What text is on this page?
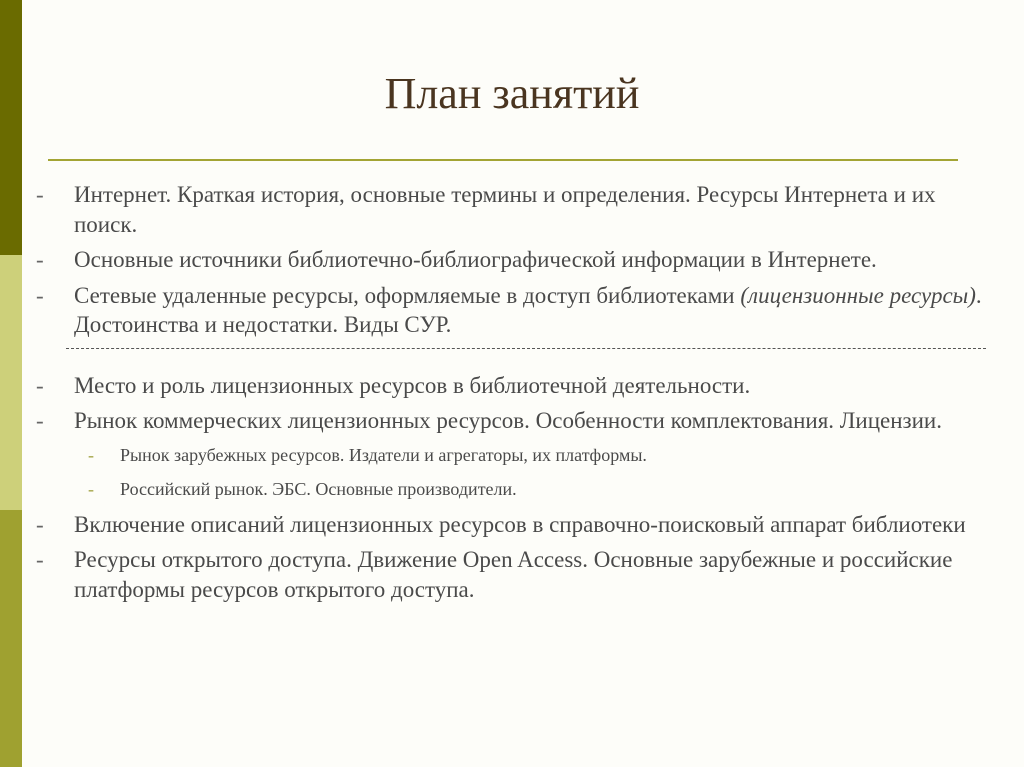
План занятий
- Интернет. Краткая история, основные термины и определения. Ресурсы Интернета и их поиск.
- Основные источники библиотечно-библиографической информации в Интернете.
- Сетевые удаленные ресурсы, оформляемые в доступ библиотеками (лицензионные ресурсы). Достоинства и недостатки. Виды СУР.
- Место и роль лицензионных ресурсов в библиотечной деятельности.
- Рынок коммерческих лицензионных ресурсов. Особенности комплектования. Лицензии.
- Рынок зарубежных ресурсов. Издатели и агрегаторы, их платформы.
- Российский рынок. ЭБС. Основные производители.
- Включение описаний лицензионных ресурсов в справочно-поисковый аппарат библиотеки
- Ресурсы открытого доступа. Движение Open Access. Основные зарубежные и российские платформы ресурсов открытого доступа.
